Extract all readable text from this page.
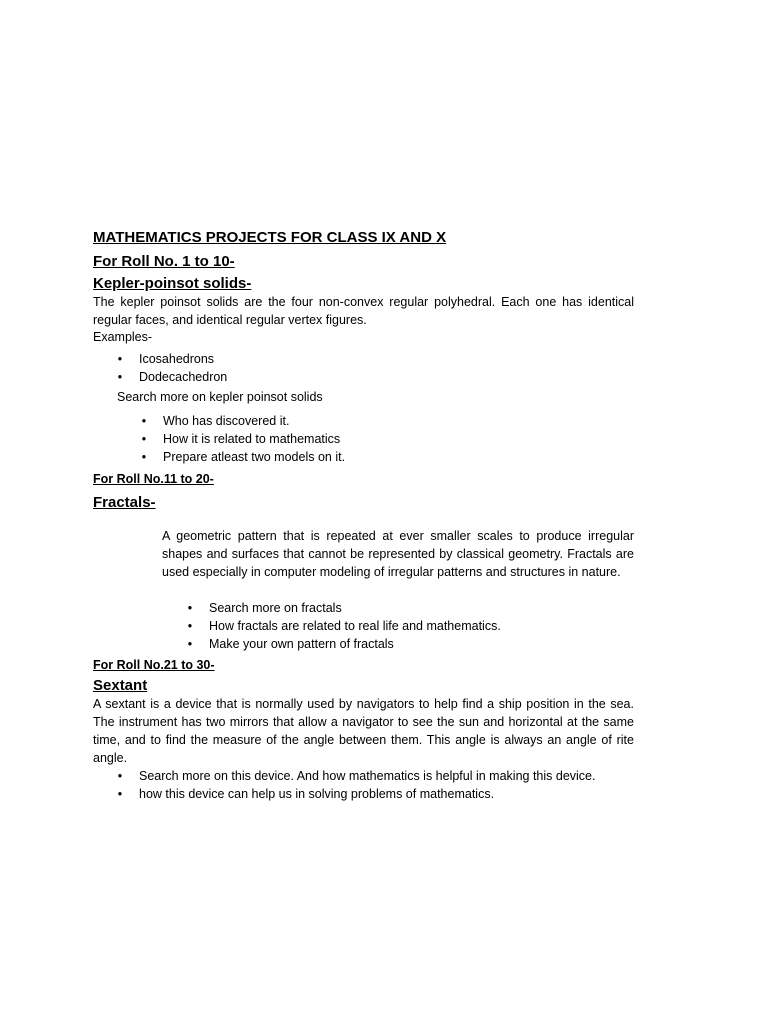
MATHEMATICS PROJECTS FOR CLASS IX AND X

For Roll No. 1 to 10-

Kepler-poinsot solids-

The kepler poinsot solids are the four non-convex regular polyhedral. Each one has identical regular faces, and identical regular vertex figures.

Examples-

• Icosahedrons
• Dodecachedron

Search more on kepler poinsot solids

• Who has discovered it.
• How it is related to mathematics
• Prepare atleast two models on it.

For Roll No.11 to 20-

Fractals-

A geometric pattern that is repeated at ever smaller scales to produce irregular shapes and surfaces that cannot be represented by classical geometry. Fractals are used especially in computer modeling of irregular patterns and structures in nature.

• Search more on fractals
• How fractals are related to real life and mathematics.
• Make your own pattern of fractals

For Roll No.21 to 30-

Sextant

A sextant is a device that is normally used by navigators to help find a ship position in the sea. The instrument has two mirrors that allow a navigator to see the sun and horizontal at the same time, and to find the measure of the angle between them. This angle is always an angle of rite angle.

• Search more on this device. And how mathematics is helpful in making this device.
• how this device can help us in solving problems of mathematics.
